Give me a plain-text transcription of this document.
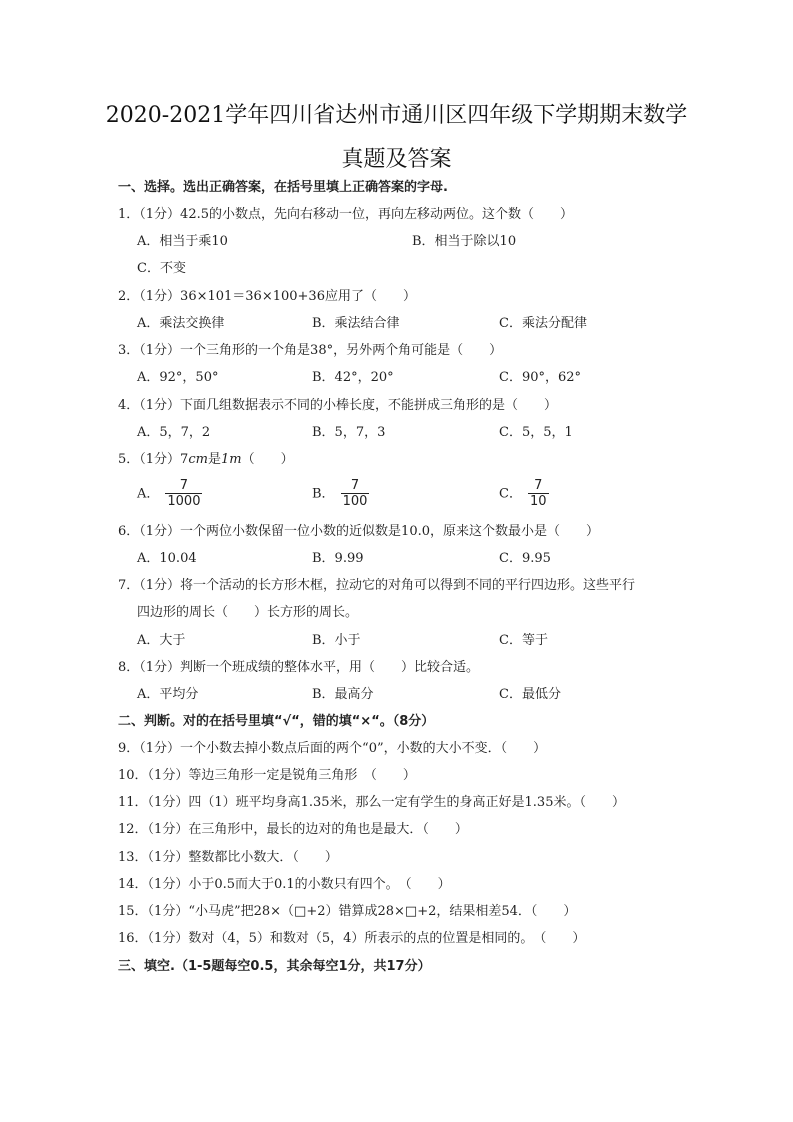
2020-2021学年四川省达州市通川区四年级下学期期末数学
真题及答案
一、选择。选出正确答案，在括号里填上正确答案的字母.
1．（1分）42.5的小数点，先向右移动一位，再向左移动两位。这个数（　　）
A．相当于乘10	B．相当于除以10
C．不变
2．（1分）36×101＝36×100+36应用了（　　）
A．乘法交换律	B．乘法结合律	C．乘法分配律
3．（1分）一个三角形的一个角是38°，另外两个角可能是（　　）
A．92°，50°	B．42°，20°	C．90°，62°
4．（1分）下面几组数据表示不同的小棒长度，不能拼成三角形的是（　　）
A．5，7，2	B．5，7，3	C．5，5，1
5．（1分）7cm是1m（　　）
A． $\frac{7}{1000}$	B． $\frac{7}{100}$	C． $\frac{7}{10}$
6．（1分）一个两位小数保留一位小数的近似数是10.0，原来这个数最小是（　　）
A．10.04	B．9.99	C．9.95
7．（1分）将一个活动的长方形木框，拉动它的对角可以得到不同的平行四边形。这些平行
四边形的周长（　　）长方形的周长。
A．大于	B．小于	C．等于
8．（1分）判断一个班成绩的整体水平，用（　　）比较合适。
A．平均分	B．最高分	C．最低分
二、判断。对的在括号里填“√“，错的填“×“。（8分）
9．（1分）一个小数去掉小数点后面的两个“0”，小数的大小不变．（　　）
10．（1分）等边三角形一定是锐角三角形　（　　）
11．（1分）四（1）班平均身高1.35米，那么一定有学生的身高正好是1.35米。（　　）
12．（1分）在三角形中，最长的边对的角也是最大．（　　）
13．（1分）整数都比小数大．（　　）
14．（1分）小于0.5而大于0.1的小数只有四个。　（　　）
15．（1分）“小马虎”把28×（□+2）错算成28×□+2，结果相差54．（　　）
16．（1分）数对（4，5）和数对（5，4）所表示的点的位置是相同的。　（　　）
三、填空.（1-5题每空0.5，其余每空1分，共17分）
